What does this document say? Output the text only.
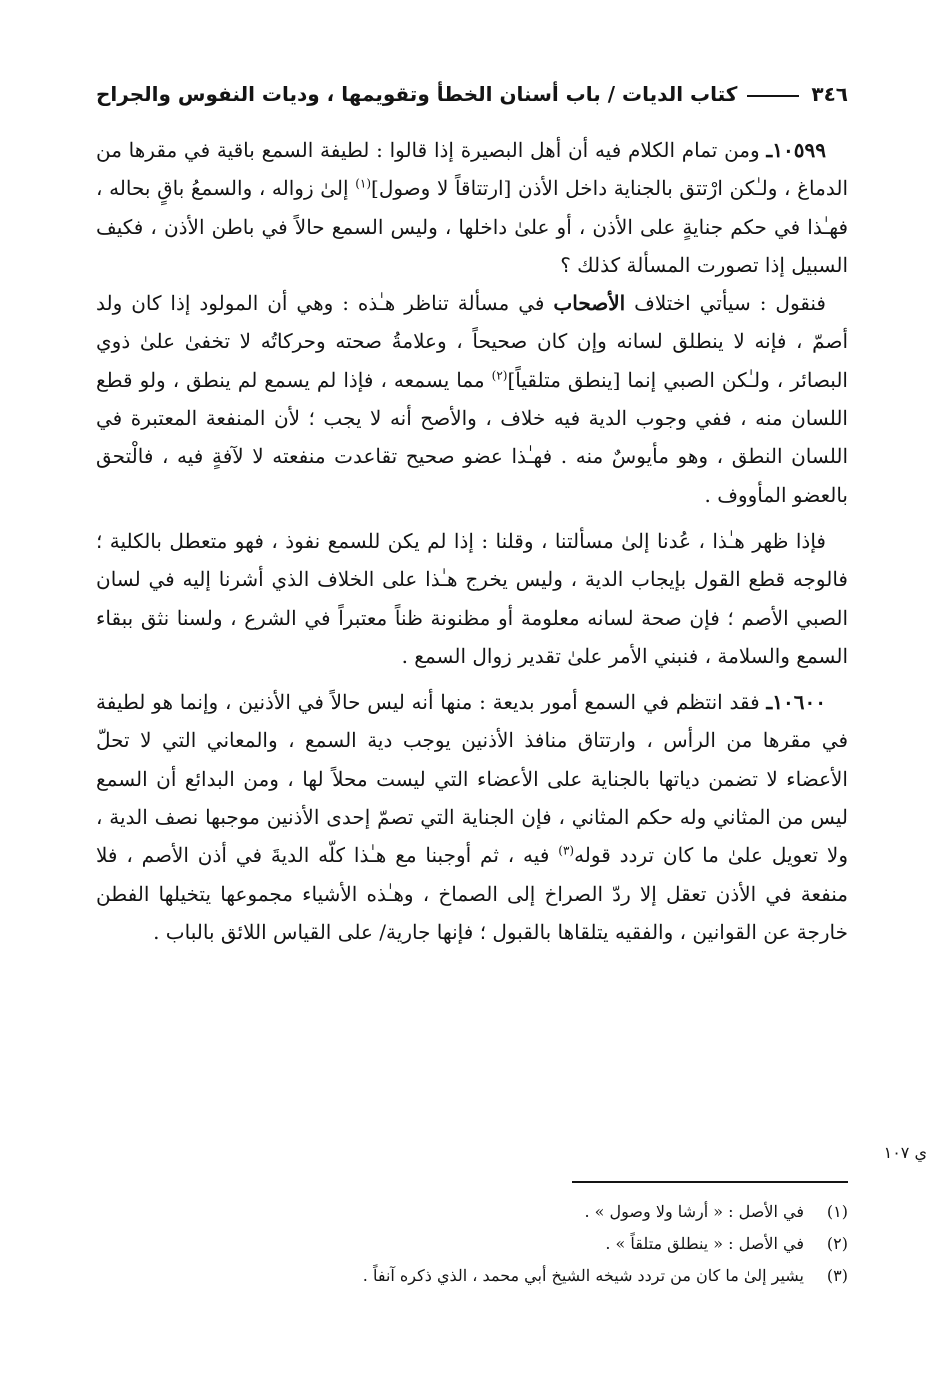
٣٤٦
كتاب الديات / باب أسنان الخطأ وتقويمها ، وديات النفوس والجراح

١٠٥٩٩ـ ومن تمام الكلام فيه أن أهل البصيرة إذا قالوا : لطيفة السمع باقية في مقرها من الدماغ ، ولـٰكن ارْتتق بالجناية داخل الأذن [ارتتاقاً لا وصول]$^{(١)}$ إلىٰ زواله ، والسمعُ باقٍ بحاله ، فهـٰذا في حكم جنايةٍ على الأذن ، أو علىٰ داخلها ، وليس السمع حالاً في باطن الأذن ، فكيف السبيل إذا تصورت المسألة كذلك ؟

فنقول : سيأتي اختلاف الأصحاب في مسألة تناظر هـٰذه : وهي أن المولود إذا كان ولد أصمّ ، فإنه لا ينطلق لسانه وإن كان صحيحاً ، وعلامةُ صحته وحركاتُه لا تخفىٰ علىٰ ذوي البصائر ، ولـٰكن الصبي إنما [ينطق متلقياً]$^{(٢)}$ مما يسمعه ، فإذا لم يسمع لم ينطق ، ولو قطع اللسان منه ، ففي وجوب الدية فيه خلاف ، والأصح أنه لا يجب ؛ لأن المنفعة المعتبرة في اللسان النطق ، وهو مأيوسٌ منه . فهـٰذا عضو صحيح تقاعدت منفعته لا لآفةٍ فيه ، فالْتحق بالعضو المأووف .

فإذا ظهر هـٰذا ، عُدنا إلىٰ مسألتنا ، وقلنا : إذا لم يكن للسمع نفوذ ، فهو متعطل بالكلية ؛ فالوجه قطع القول بإيجاب الدية ، وليس يخرج هـٰذا على الخلاف الذي أشرنا إليه في لسان الصبي الأصم ؛ فإن صحة لسانه معلومة أو مظنونة ظناً معتبراً في الشرع ، ولسنا نثق ببقاء السمع والسلامة ، فنبني الأمر علىٰ تقدير زوال السمع .

١٠٦٠٠ـ فقد انتظم في السمع أمور بديعة : منها أنه ليس حالاً في الأذنين ، وإنما هو لطيفة في مقرها من الرأس ، وارتتاق منافذ الأذنين يوجب دية السمع ، والمعاني التي لا تحلّ الأعضاء لا تضمن دياتها بالجناية على الأعضاء التي ليست محلاً لها ، ومن البدائع أن السمع ليس من المثاني وله حكم المثاني ، فإن الجناية التي تصمّ إحدى الأذنين موجبها نصف الدية ، ولا تعويل علىٰ ما كان تردد قوله$^{(٣)}$ فيه ، ثم أوجبنا مع هـٰذا كلّه الديةَ في أذن الأصم ، فلا منفعة في الأذن تعقل إلا ردّ الصراخ إلى الصماخ ، وهـٰذه الأشياء مجموعها يتخيلها الفطن خارجة عن القوانين ، والفقيه يتلقاها بالقبول ؛ فإنها جارية/ على القياس اللائق بالباب .

ي ١٠٧
(١)في الأصل : « أرشا ولا وصول » .
(٢)في الأصل : « ينطلق متلقاً » .
(٣)يشير إلىٰ ما كان من تردد شيخه الشيخ أبي محمد ، الذي ذكره آنفاً .
